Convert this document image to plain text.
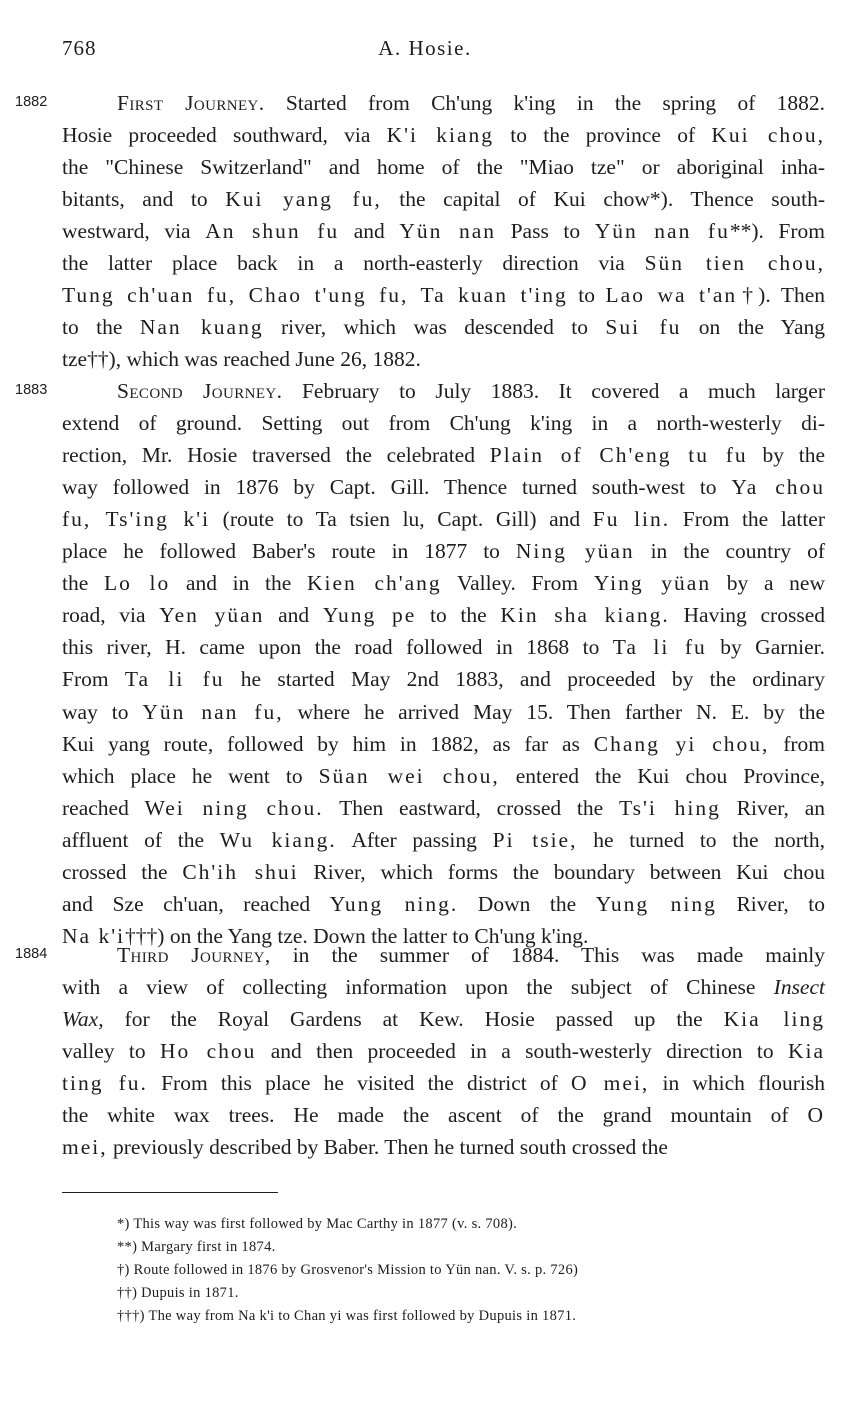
768	A. Hosie.
1882	First Journey. Started from Ch'ung k'ing in the spring of 1882.
Hosie proceeded southward, via K'i kiang to the province of Kui chou,
the "Chinese Switzerland" and home of the "Miao tze" or aboriginal inha-
bitants, and to Kui yang fu, the capital of Kui chow*). Thence south-
westward, via An shun fu and Yün nan Pass to Yün nan fu**). From
the latter place back in a north-easterly direction via Sün tien chou,
Tung ch'uan fu, Chao t'ung fu, Ta kuan t'ing to Lao wa t'an†). Then
to the Nan kuang river, which was descended to Sui fu on the Yang
tze††), which was reached June 26, 1882.
1883	Second Journey. February to July 1883. It covered a much larger
extend of ground. Setting out from Ch'ung k'ing in a north-westerly di-
rection, Mr. Hosie traversed the celebrated Plain of Ch'eng tu fu by the
way followed in 1876 by Capt. Gill. Thence turned south-west to Ya chou
fu, Ts'ing k'i (route to Ta tsien lu, Capt. Gill) and Fu lin. From the latter
place he followed Baber's route in 1877 to Ning yüan in the country of
the Lo lo and in the Kien ch'ang Valley. From Ying yüan by a new
road, via Yen yüan and Yung pe to the Kin sha kiang. Having crossed
this river, H. came upon the road followed in 1868 to Ta li fu by Garnier.
From Ta li fu he started May 2nd 1883, and proceeded by the ordinary
way to Yün nan fu, where he arrived May 15. Then farther N. E. by the
Kui yang route, followed by him in 1882, as far as Chang yi chou, from
which place he went to Süan wei chou, entered the Kui chou Province,
reached Wei ning chou. Then eastward, crossed the Ts'i hing River, an
affluent of the Wu kiang. After passing Pi tsie, he turned to the north,
crossed the Ch'ih shui River, which forms the boundary between Kui chou
and Sze ch'uan, reached Yung ning. Down the Yung ning River, to
Na k'i†††) on the Yang tze. Down the latter to Ch'ung k'ing.
1884	Third Journey, in the summer of 1884. This was made mainly
with a view of collecting information upon the subject of Chinese Insect
Wax, for the Royal Gardens at Kew. Hosie passed up the Kia ling
valley to Ho chou and then proceeded in a south-westerly direction to Kia
ting fu. From this place he visited the district of O mei, in which flourish
the white wax trees. He made the ascent of the grand mountain of O
mei, previously described by Baber. Then he turned south crossed the
*) This way was first followed by Mac Carthy in 1877 (v. s. 708).
**) Margary first in 1874.
†) Route followed in 1876 by Grosvenor's Mission to Yün nan. V. s. p. 726)
††) Dupuis in 1871.
†††) The way from Na k'i to Chan yi was first followed by Dupuis in 1871.
